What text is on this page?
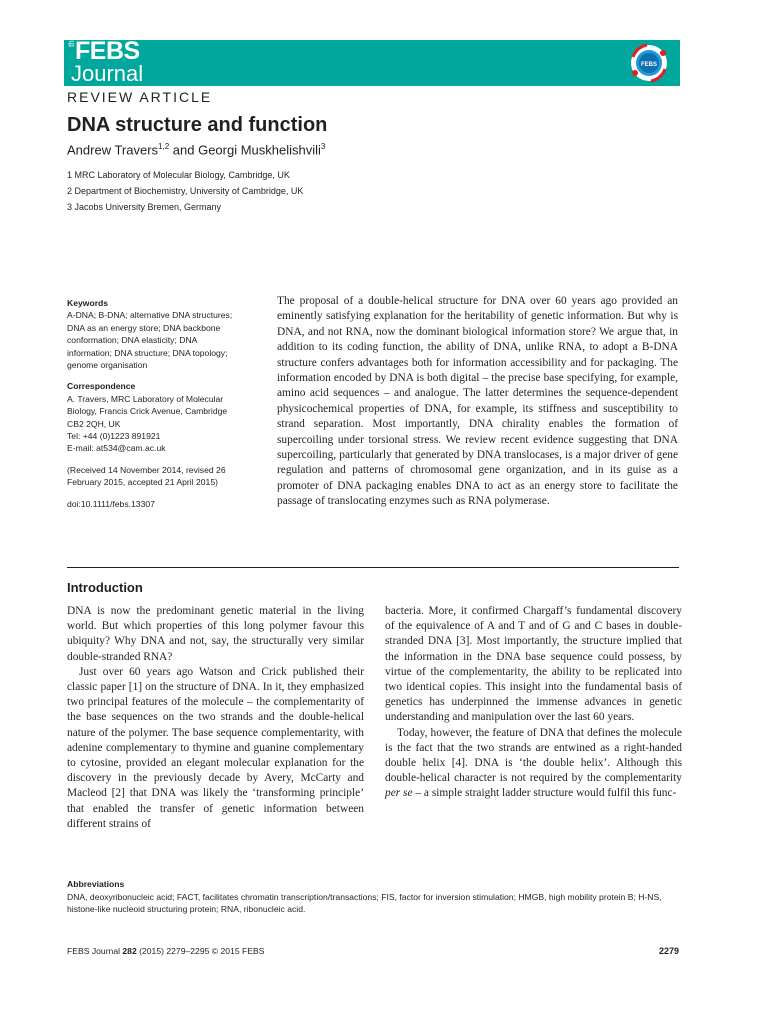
the FEBS
Journal	FEBS
REVIEW ARTICLE
DNA structure and function
Andrew Travers$^{1,2}$ and Georgi Muskhelishvili$^3$
1 MRC Laboratory of Molecular Biology, Cambridge, UK
2 Department of Biochemistry, University of Cambridge, UK
3 Jacobs University Bremen, Germany
Keywords
A-DNA; B-DNA; alternative DNA structures;
DNA as an energy store; DNA backbone
conformation; DNA elasticity; DNA
information; DNA structure; DNA topology;
genome organisation
Correspondence
A. Travers, MRC Laboratory of Molecular
Biology, Francis Crick Avenue, Cambridge
CB2 2QH, UK
Tel: +44 (0)1223 891921
E-mail: at534@cam.ac.uk
(Received 14 November 2014, revised 26
February 2015, accepted 21 April 2015)
doi:10.1111/febs.13307
The proposal of a double-helical structure for DNA over 60 years ago provided an eminently satisfying explanation for the heritability of genetic information. But why is DNA, and not RNA, now the dominant biological information store? We argue that, in addition to its coding function, the ability of DNA, unlike RNA, to adopt a B-DNA structure confers advantages both for information accessibility and for packaging. The information encoded by DNA is both digital – the precise base specifying, for example, amino acid sequences – and analogue. The latter determines the sequence-dependent physicochemical properties of DNA, for example, its stiffness and susceptibility to strand separation. Most importantly, DNA chirality enables the formation of supercoiling under torsional stress. We review recent evidence suggesting that DNA supercoiling, particularly that generated by DNA translocases, is a major driver of gene regulation and patterns of chromosomal gene organization, and in its guise as a promoter of DNA packaging enables DNA to act as an energy store to facilitate the passage of translocating enzymes such as RNA polymerase.
Introduction

DNA is now the predominant genetic material in the living world. But which properties of this long polymer favour this ubiquity? Why DNA and not, say, the structurally very similar double-stranded RNA?

Just over 60 years ago Watson and Crick published their classic paper [1] on the structure of DNA. In it, they emphasized two principal features of the molecule – the complementarity of the base sequences on the two strands and the double-helical nature of the polymer. The base sequence complementarity, with adenine complementary to thymine and guanine complementary to cytosine, provided an elegant molecular explanation for the discovery in the previously decade by Avery, McCarty and Macleod [2] that DNA was likely the ‘transforming principle’ that enabled the transfer of genetic information between different strains of

bacteria. More, it confirmed Chargaff’s fundamental discovery of the equivalence of A and T and of G and C bases in double-stranded DNA [3]. Most importantly, the structure implied that the information in the DNA base sequence could possess, by virtue of the complementarity, the ability to be replicated into two identical copies. This insight into the fundamental basis of genetics has underpinned the immense advances in genetic understanding and manipulation over the last 60 years.

Today, however, the feature of DNA that defines the molecule is the fact that the two strands are entwined as a right-handed double helix [4]. DNA is ‘the double helix’. Although this double-helical character is not required by the complementarity per se – a simple straight ladder structure would fulfil this func-

Abbreviations
DNA, deoxyribonucleic acid; FACT, facilitates chromatin transcription/transactions; FIS, factor for inversion stimulation; HMGB, high mobility protein B; H-NS, histone-like nucleoid structuring protein; RNA, ribonucleic acid.
FEBS Journal 282 (2015) 2279–2295 © 2015 FEBS	2279
